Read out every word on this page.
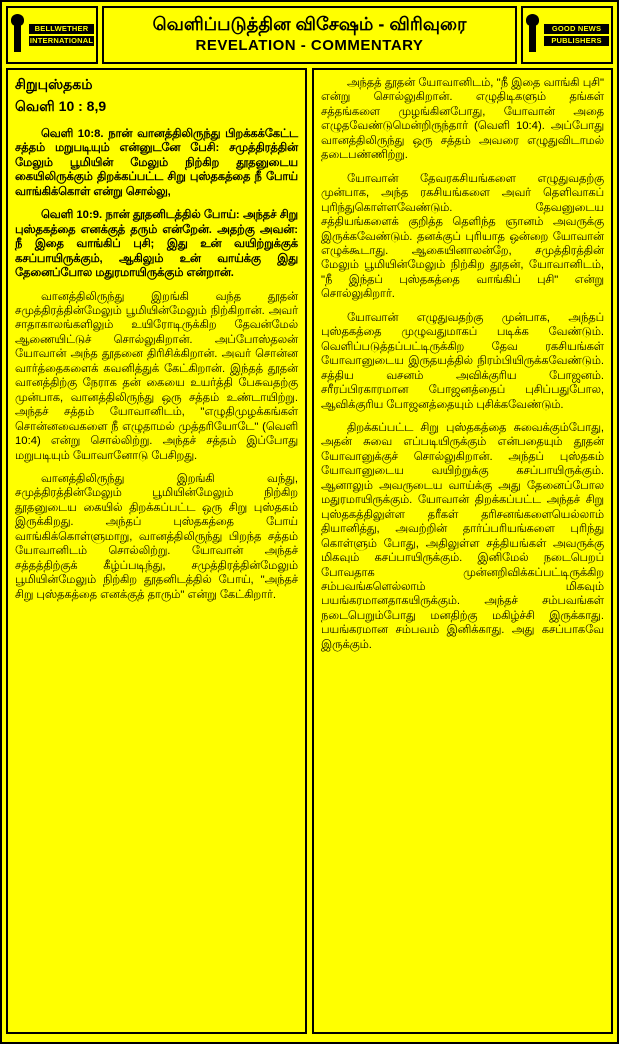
BELLWETHER
INTERNATIONAL
வெளிப்படுத்தின விசேஷம் - விரிவுரை
REVELATION - COMMENTARY
GOOD NEWS
PUBLISHERS
சிறுபுஸ்தகம்
வெளி 10 : 8,9

வெளி 10:8. நான் வானத்திலிருந்து பிறக்கக்கேட்ட சத்தம் மறுபடியும் என்னுடனே பேசி: சமுத்திரத்தின் மேலும் பூமியின் மேலும் நிற்கிற தூதனுடைய கையிலிருக்கும் திறக்கப்பட்ட சிறு புஸ்தகத்தை நீ போய் வாங்கிக்கொள் என்று சொல்லு,

வெளி 10:9. நான் தூதனிடத்தில் போய்: அந்தச் சிறு புஸ்தகத்தை எனக்குத் தரும் என்றேன். அதற்கு அவன்: நீ இதை வாங்கிப் புசி; இது உன் வயிற்றுக்குக் கசப்பாயிருக்கும், ஆகிலும் உன் வாய்க்கு இது தேனைப்போல மதுரமாயிருக்கும் என்றான்.

வானத்திலிருந்து இறங்கி வந்த தூதன் சமுத்திரத்தின்மேலும் பூமியின்மேலும் நிற்கிறான். அவர் சாதாகாலங்களிலும் உயிரோடிருக்கிற தேவன்மேல் ஆணையிட்டுச் சொல்லுகிறான். அப்போஸ்தலன் யோவான் அந்த தூதனை திரிசிக்கிறான். அவர் சொன்ன வார்த்தைகளைக் கவனித்துக் கேட்கிறான். இந்தத் தூதன் வானத்திற்கு நேராக தன் கையை உயர்த்தி பேசுவதற்கு முன்பாக, வானத்திலிருந்து ஒரு சத்தம் உண்டாயிற்று. அந்தச் சத்தம் யோவானிடம், "எழுதிமுழக்கங்கள் சொன்னவைகளை நீ எழுதாமல் முத்தரியோடே" (வெளி 10:4) என்று சொல்லிற்று. அந்தச் சத்தம் இப்போது மறுபடியும் யோவானோடு பேசிறது.

வானத்திலிருந்து இறங்கி வந்து, சமுத்திரத்தின்மேலும் பூமியின்மேலும் நிற்கிற தூதனுடைய கையில் திறக்கப்பட்ட ஒரு சிறு புஸ்தகம் இருக்கிறது. அந்தப் புஸ்தகத்தை போய் வாங்கிக்கொள்ளுமாறு, வானத்திலிருந்து பிறந்த சத்தம் யோவானிடம் சொல்லிற்று. யோவான் அந்தச் சத்தத்திற்குக் கீழ்ப்படிந்து, சமுத்திரத்தின்மேலும் பூமியின்மேலும் நிற்கிற தூதனிடத்தில் போய், "அந்தச் சிறு புஸ்தகத்தை எனக்குத் தாரும்" என்று கேட்கிறார்.

அந்தத் தூதன் யோவானிடம், "நீ இதை வாங்கி புசி" என்று சொல்லுகிறான். எழுதிடிகளும் தங்கள் சத்தங்களை முழங்கினபோது, யோவான் அதை எழுதவேண்டுமென்றிருந்தார் (வெளி 10:4). அப்போது வானத்திலிருந்து ஒரு சத்தம் அவரை எழுதுவிடாமல் தடைபண்ணிற்று.

யோவான் தேவரகசியங்களை எழுதுவதற்கு முன்பாக, அந்த ரகசியங்களை அவர் தெளிவாகப் புரிந்துகொள்ளவேண்டும். தேவனுடைய சத்தியங்களைக் குறித்த தெளிந்த ஞானம் அவருக்கு இருக்கவேண்டும். தனக்குப் புரியாத ஒன்றை யோவான் எழுக்கூடாது. ஆகையினாலன்றே, சமுத்திரத்தின் மேலும் பூமியின்மேலும் நிற்கிற தூதன், யோவானிடம், "நீ இந்தப் புஸ்தகத்தை வாங்கிப் புசி" என்று சொல்லுகிறார்.

யோவான் எழுதுவதற்கு முன்பாக, அந்தப் புஸ்தகத்தை முழுவதுமாகப் படிக்க வேண்டும். வெளிப்படுத்தப்பட்டிருக்கிற தேவ ரகசியங்கள் யோவானுடைய இருதயத்தில் நிரம்பியிருக்கவேண்டும். சத்திய வசனம் அவிக்குரிய போஜனம். சரீரப்பிரகாரமான போஜனத்தைப் புசிப்பதுபோல, ஆவிக்குரிய போஜனத்தையும் புசிக்கவேண்டும்.

திறக்கப்பட்ட சிறு புஸ்தகத்தை சுவைக்கும்போது, அதன் சுவை எப்படியிருக்கும் என்பதையும் தூதன் யோவானுக்குச் சொல்லுகிறான். அந்தப் புஸ்தகம் யோவானுடைய வயிற்றுக்கு கசப்பாயிருக்கும். ஆனாலும் அவருடைய வாய்க்கு அது தேனைப்போல மதுரமாயிருக்கும். யோவான் திறக்கப்பட்ட அந்தச் சிறு புஸ்தகத்திலுள்ள தரீகள் தரிசனங்களையெல்லாம் தியானித்து, அவற்றின் தார்ப்பரியங்களை புரிந்து கொள்ளும் போது, அதிலுள்ள சத்தியங்கள் அவருக்கு மிகவும் கசப்பாயிருக்கும். இனிமேல் நடைபெறப் போவதாக முன்னறிவிக்கப்பட்டிருக்கிற சம்பவங்களெல்லாம் மிகவும் பயங்கரமானதாகயிருக்கும். அந்தச் சம்பவங்கள் நடைபெறும்போது மனதிற்கு மகிழ்ச்சி இருக்காது. பயங்கரமான சம்பவம் இனிக்காது. அது கசப்பாகவே இருக்கும்.
